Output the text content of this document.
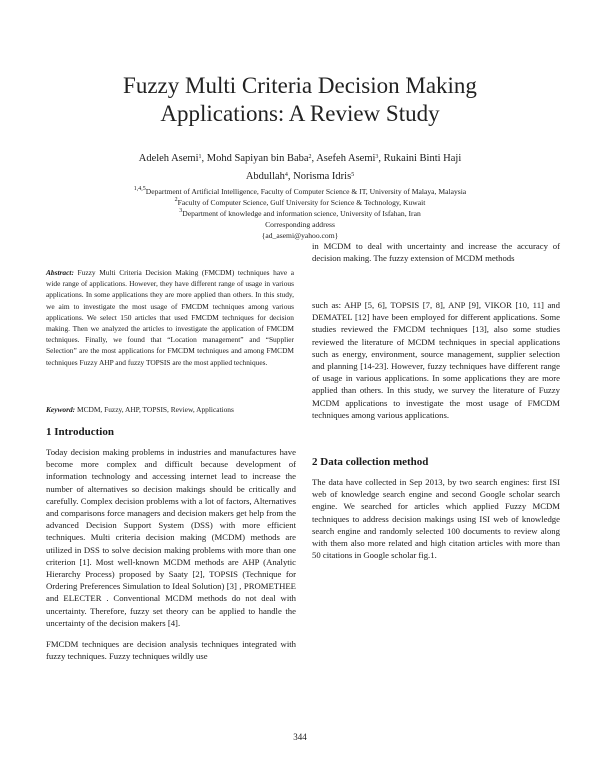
Fuzzy Multi Criteria Decision Making
Applications: A Review Study
Adeleh Asemi$^1$, Mohd Sapiyan bin Baba$^2$, Asefeh Asemi$^3$, Rukaini Binti Haji
Abdullah$^4$, Norisma Idris$^5$
$^{1,4,5}$Department of Artificial Intelligence, Faculty of Computer Science & IT, University of Malaya, Malaysia
$^2$Faculty of Computer Science, Gulf University for Science & Technology, Kuwait
$^3$Department of knowledge and information science, University of Isfahan, Iran
Corresponding address
{ad_asemi@yahoo.com}
Abstract: Fuzzy Multi Criteria Decision Making (FMCDM) techniques have a wide range of applications. However, they have different range of usage in various applications. In some applications they are more applied than others. In this study, we aim to investigate the most usage of FMCDM techniques among various applications. We select 150 articles that used FMCDM techniques for decision making. Then we analyzed the articles to investigate the application of FMCDM techniques. Finally, we found that “Location management” and “Supplier Selection” are the most applications for FMCDM techniques and among FMCDM techniques Fuzzy AHP and fuzzy TOPSIS are the most applied techniques.
Keyword: MCDM, Fuzzy, AHP, TOPSIS, Review, Applications
1 Introduction

Today decision making problems in industries and manufactures have become more complex and difficult because development of information technology and accessing internet lead to increase the number of alternatives so decision makings should be critically and carefully. Complex decision problems with a lot of factors, Alternatives and comparisons force managers and decision makers get help from the advanced Decision Support System (DSS) with more efficient techniques. Multi criteria decision making (MCDM) methods are utilized in DSS to solve decision making problems with more than one criterion [1]. Most well-known MCDM methods are AHP (Analytic Hierarchy Process) proposed by Saaty [2], TOPSIS (Technique for Ordering Preferences Simulation to Ideal Solution) [3] , PROMETHEE and ELECTER . Conventional MCDM methods do not deal with uncertainty. Therefore, fuzzy set theory can be applied to handle the uncertainty of the decision makers [4].

FMCDM techniques are decision analysis techniques integrated with fuzzy techniques. Fuzzy techniques wildly use

in MCDM to deal with uncertainty and increase the accuracy of decision making. The fuzzy extension of MCDM methods
such as: AHP [5, 6], TOPSIS [7, 8], ANP [9], VIKOR [10, 11] and DEMATEL [12] have been employed for different applications. Some studies reviewed the FMCDM techniques [13], also some studies reviewed the literature of MCDM techniques in special applications such as energy, environment, source management, supplier selection and planning [14-23]. However, fuzzy techniques have different range of usage in various applications. In some applications they are more applied than others. In this study, we survey the literature of Fuzzy MCDM applications to investigate the most usage of FMCDM techniques among various applications.
2 Data collection method
The data have collected in Sep 2013, by two search engines: first ISI web of knowledge search engine and second Google scholar search engine. We searched for articles which applied Fuzzy MCDM techniques to address decision makings using ISI web of knowledge search engine and randomly selected 100 documents to review along with them also more related and high citation articles with more than 50 citations in Google scholar fig.1.
344
